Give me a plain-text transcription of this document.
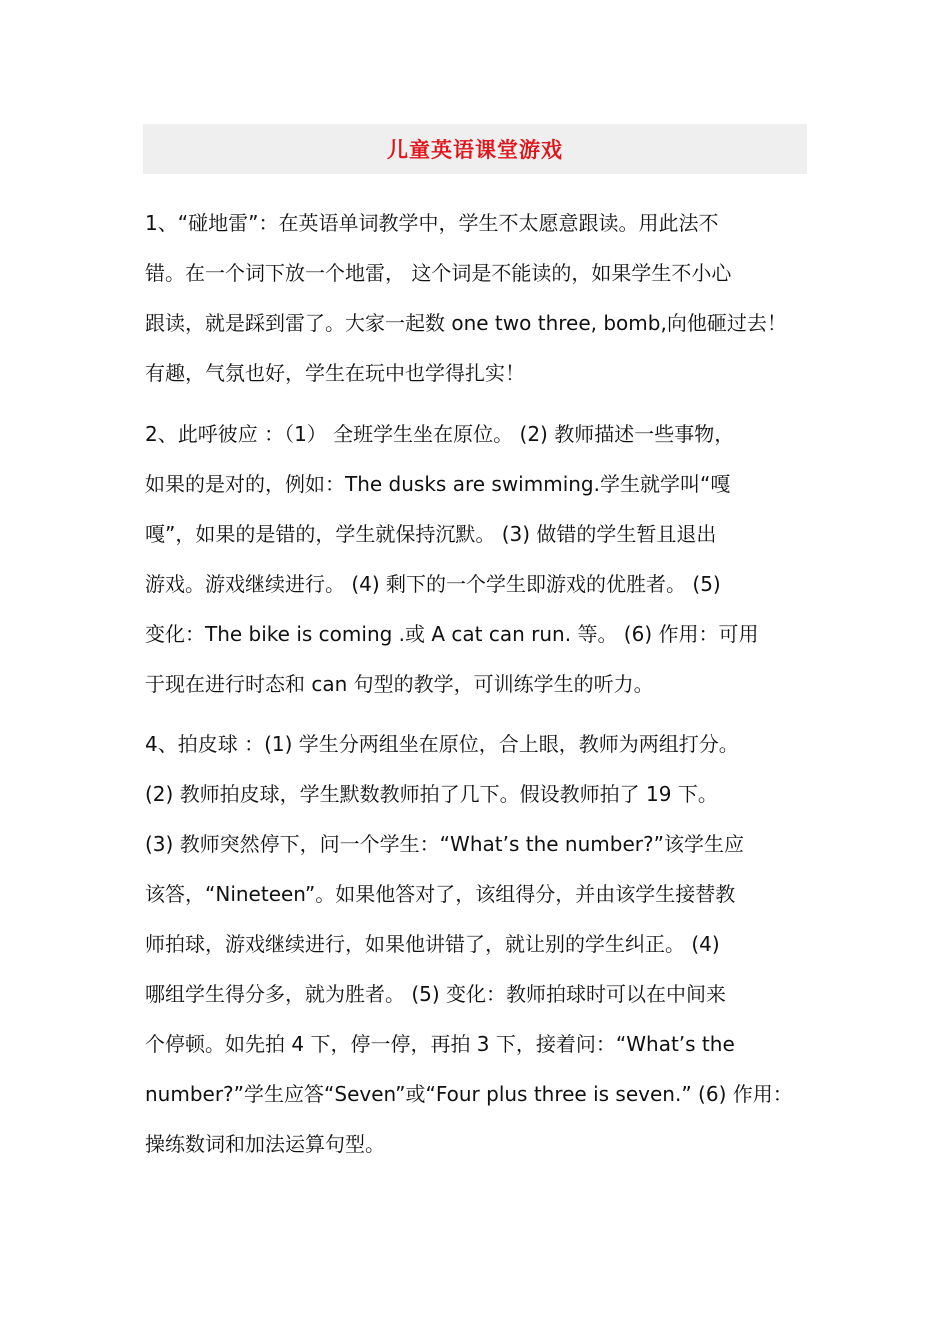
儿童英语课堂游戏
1、“碰地雷”：在英语单词教学中，学生不太愿意跟读。用此法不
错。在一个词下放一个地雷， 这个词是不能读的，如果学生不小心
跟读，就是踩到雷了。大家一起数 one two three, bomb,向他砸过去！
有趣，气氛也好，学生在玩中也学得扎实！
2、此呼彼应 ：（1） 全班学生坐在原位。 (2) 教师描述一些事物，
如果的是对的，例如：The dusks are swimming.学生就学叫“嘎
嘎”，如果的是错的，学生就保持沉默。 (3) 做错的学生暂且退出
游戏。游戏继续进行。 (4) 剩下的一个学生即游戏的优胜者。 (5)
变化：The bike is coming .或 A cat can run. 等。 (6) 作用：可用
于现在进行时态和 can 句型的教学，可训练学生的听力。
4、拍皮球 ：(1) 学生分两组坐在原位，合上眼，教师为两组打分。
(2) 教师拍皮球，学生默数教师拍了几下。假设教师拍了 19 下。
(3) 教师突然停下，问一个学生：“What’s the number?”该学生应
该答，“Nineteen”。如果他答对了，该组得分，并由该学生接替教
师拍球，游戏继续进行，如果他讲错了，就让别的学生纠正。 (4)
哪组学生得分多，就为胜者。 (5) 变化：教师拍球时可以在中间来
个停顿。如先拍 4 下，停一停，再拍 3 下，接着问：“What’s the
number?”学生应答“Seven”或“Four plus three is seven.” (6) 作用：
操练数词和加法运算句型。
